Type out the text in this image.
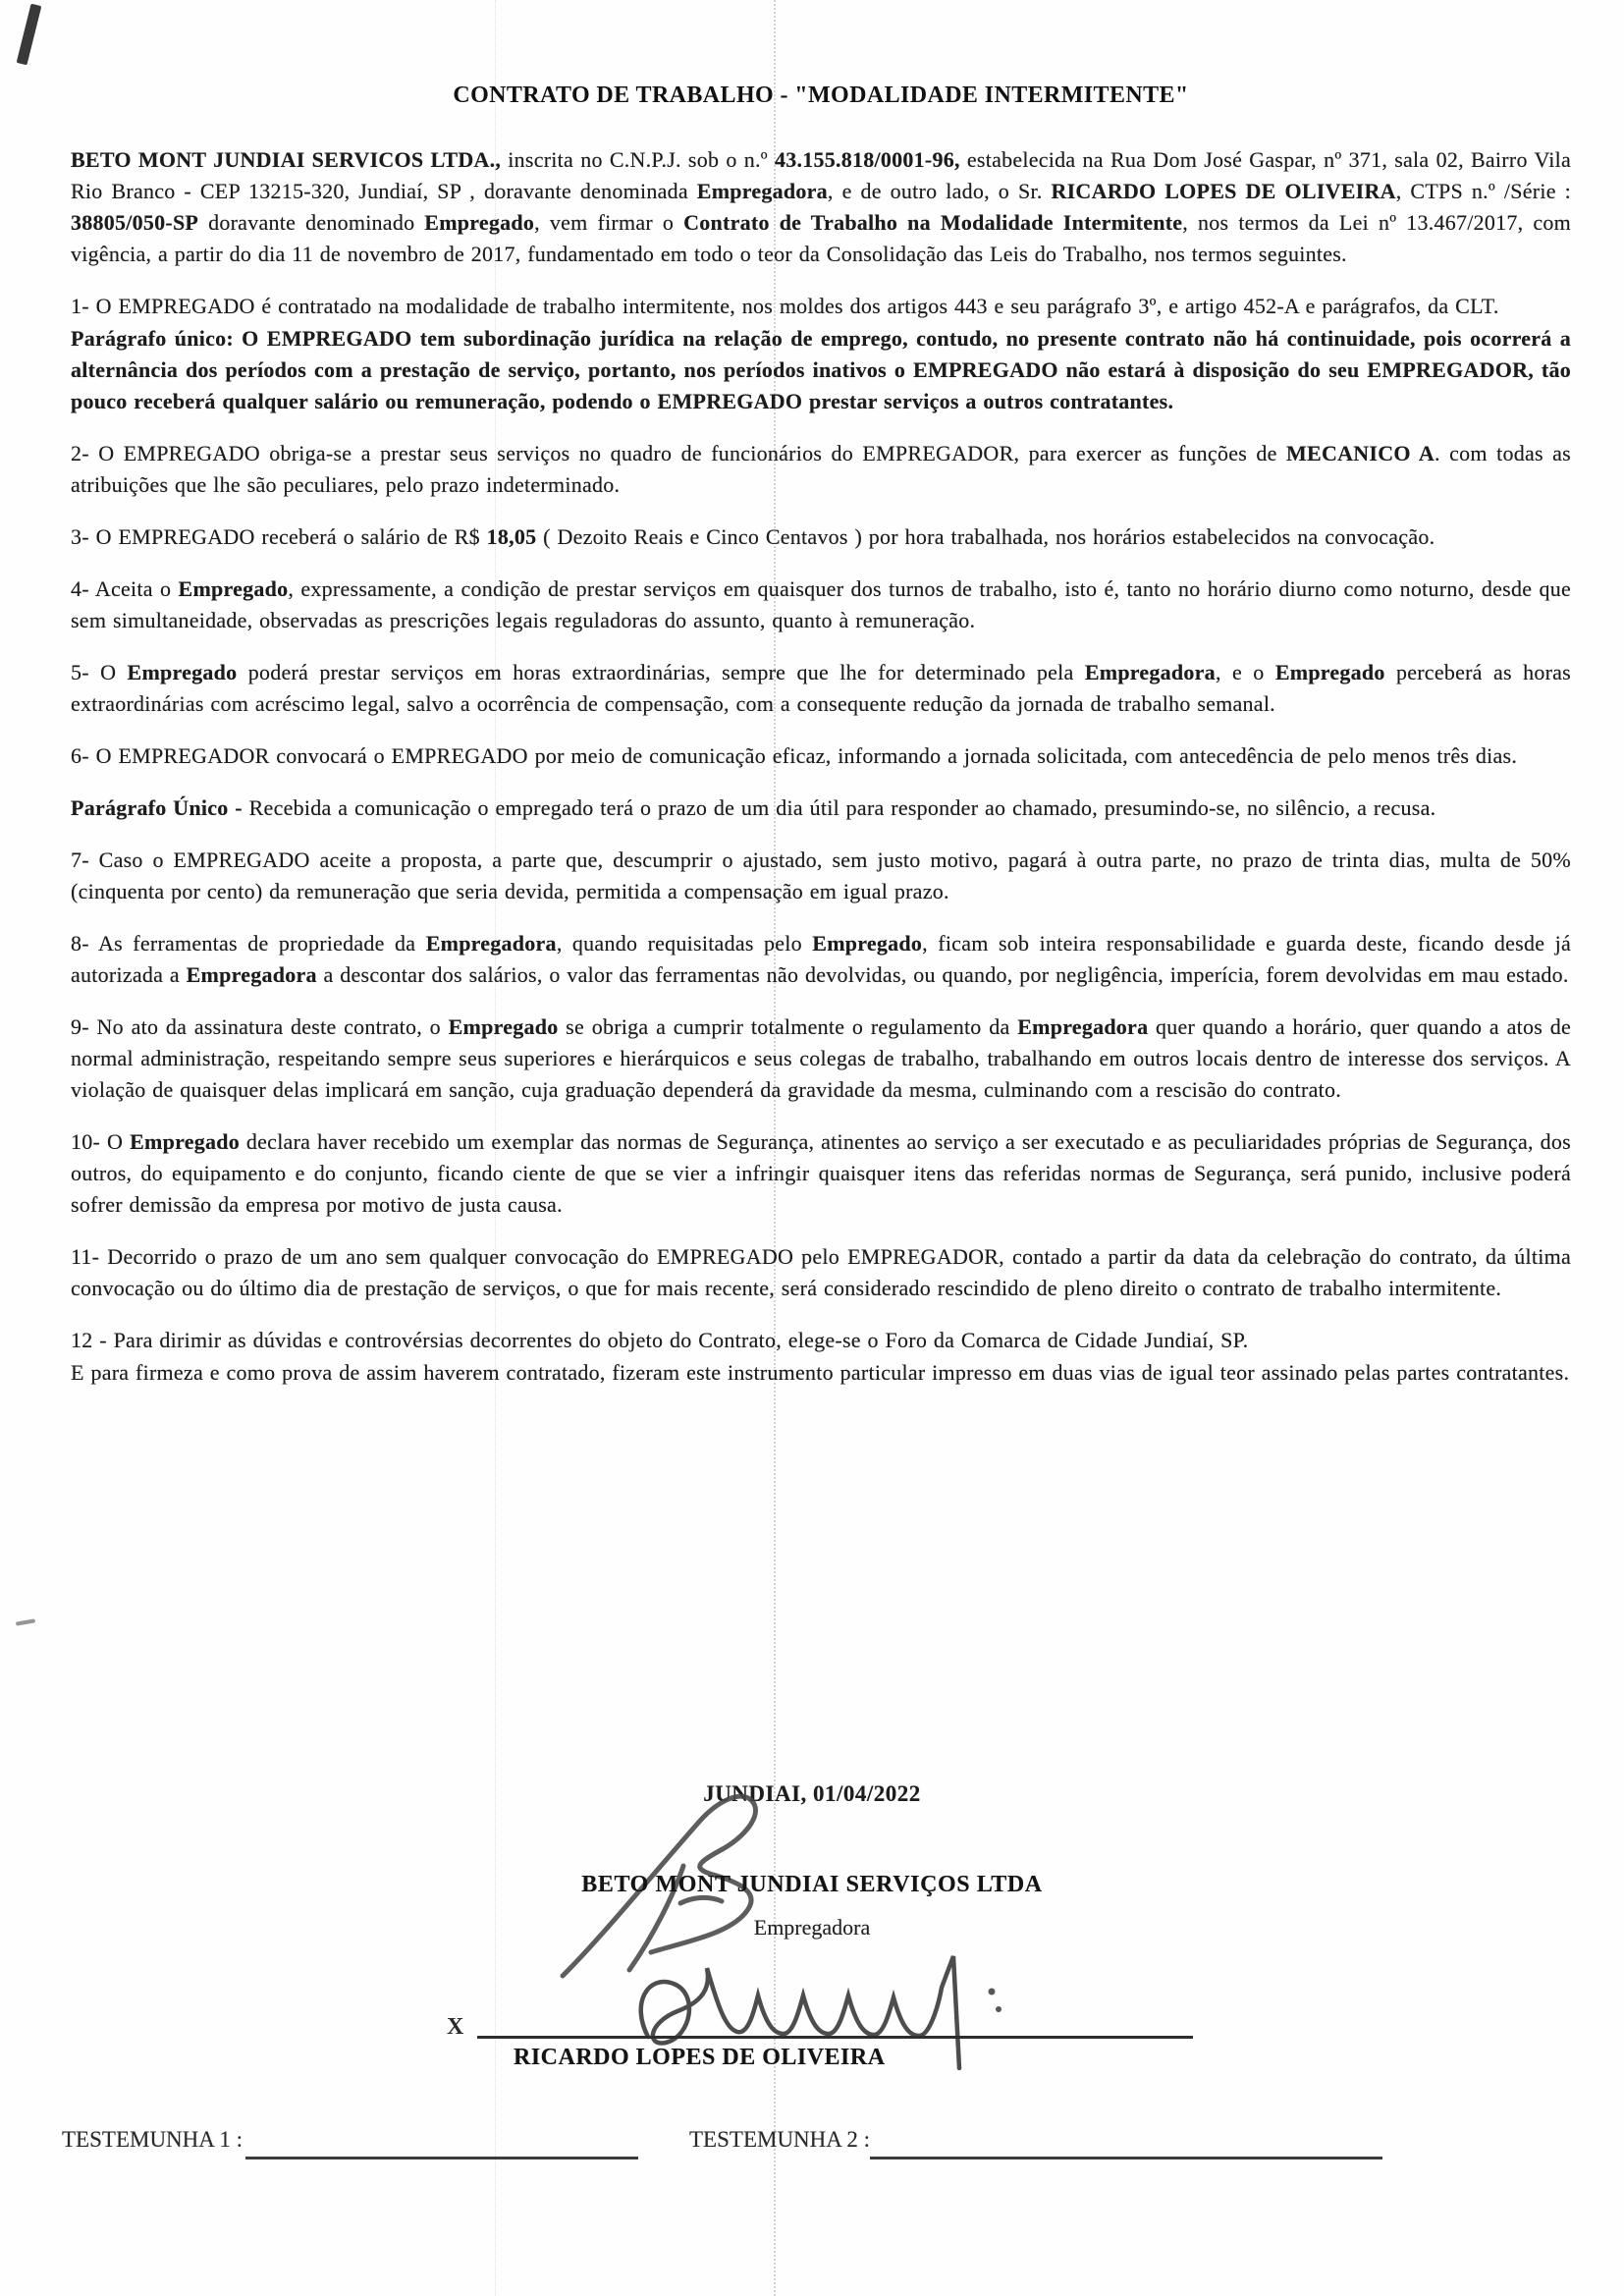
CONTRATO DE TRABALHO - "MODALIDADE INTERMITENTE"

BETO MONT JUNDIAI SERVICOS LTDA., inscrita no C.N.P.J. sob o n.º 43.155.818/0001-96, estabelecida na Rua Dom José Gaspar, nº 371, sala 02, Bairro Vila Rio Branco - CEP 13215-320, Jundiaí, SP , doravante denominada Empregadora, e de outro lado, o Sr. RICARDO LOPES DE OLIVEIRA, CTPS n.º /Série : 38805/050-SP doravante denominado Empregado, vem firmar o Contrato de Trabalho na Modalidade Intermitente, nos termos da Lei nº 13.467/2017, com vigência, a partir do dia 11 de novembro de 2017, fundamentado em todo o teor da Consolidação das Leis do Trabalho, nos termos seguintes.

1- O EMPREGADO é contratado na modalidade de trabalho intermitente, nos moldes dos artigos 443 e seu parágrafo 3º, e artigo 452-A e parágrafos, da CLT.

Parágrafo único: O EMPREGADO tem subordinação jurídica na relação de emprego, contudo, no presente contrato não há continuidade, pois ocorrerá a alternância dos períodos com a prestação de serviço, portanto, nos períodos inativos o EMPREGADO não estará à disposição do seu EMPREGADOR, tão pouco receberá qualquer salário ou remuneração, podendo o EMPREGADO prestar serviços a outros contratantes.

2- O EMPREGADO obriga-se a prestar seus serviços no quadro de funcionários do EMPREGADOR, para exercer as funções de MECANICO A. com todas as atribuições que lhe são peculiares, pelo prazo indeterminado.

3- O EMPREGADO receberá o salário de R$ 18,05 ( Dezoito Reais e Cinco Centavos ) por hora trabalhada, nos horários estabelecidos na convocação.

4- Aceita o Empregado, expressamente, a condição de prestar serviços em quaisquer dos turnos de trabalho, isto é, tanto no horário diurno como noturno, desde que sem simultaneidade, observadas as prescrições legais reguladoras do assunto, quanto à remuneração.

5- O Empregado poderá prestar serviços em horas extraordinárias, sempre que lhe for determinado pela Empregadora, e o Empregado perceberá as horas extraordinárias com acréscimo legal, salvo a ocorrência de compensação, com a consequente redução da jornada de trabalho semanal.

6- O EMPREGADOR convocará o EMPREGADO por meio de comunicação eficaz, informando a jornada solicitada, com antecedência de pelo menos três dias.

Parágrafo Único - Recebida a comunicação o empregado terá o prazo de um dia útil para responder ao chamado, presumindo-se, no silêncio, a recusa.

7- Caso o EMPREGADO aceite a proposta, a parte que, descumprir o ajustado, sem justo motivo, pagará à outra parte, no prazo de trinta dias, multa de 50% (cinquenta por cento) da remuneração que seria devida, permitida a compensação em igual prazo.

8- As ferramentas de propriedade da Empregadora, quando requisitadas pelo Empregado, ficam sob inteira responsabilidade e guarda deste, ficando desde já autorizada a Empregadora a descontar dos salários, o valor das ferramentas não devolvidas, ou quando, por negligência, imperícia, forem devolvidas em mau estado.

9- No ato da assinatura deste contrato, o Empregado se obriga a cumprir totalmente o regulamento da Empregadora quer quando a horário, quer quando a atos de normal administração, respeitando sempre seus superiores e hierárquicos e seus colegas de trabalho, trabalhando em outros locais dentro de interesse dos serviços. A violação de quaisquer delas implicará em sanção, cuja graduação dependerá da gravidade da mesma, culminando com a rescisão do contrato.

10- O Empregado declara haver recebido um exemplar das normas de Segurança, atinentes ao serviço a ser executado e as peculiaridades próprias de Segurança, dos outros, do equipamento e do conjunto, ficando ciente de que se vier a infringir quaisquer itens das referidas normas de Segurança, será punido, inclusive poderá sofrer demissão da empresa por motivo de justa causa.

11- Decorrido o prazo de um ano sem qualquer convocação do EMPREGADO pelo EMPREGADOR, contado a partir da data da celebração do contrato, da última convocação ou do último dia de prestação de serviços, o que for mais recente, será considerado rescindido de pleno direito o contrato de trabalho intermitente.

12 - Para dirimir as dúvidas e controvérsias decorrentes do objeto do Contrato, elege-se o Foro da Comarca de Cidade Jundiaí, SP.

E para firmeza e como prova de assim haverem contratado, fizeram este instrumento particular impresso em duas vias de igual teor assinado pelas partes contratantes.

JUNDIAI, 01/04/2022
BETO MONT JUNDIAI SERVIÇOS LTDA
Empregadora
X
RICARDO LOPES DE OLIVEIRA
TESTEMUNHA 1 :	TESTEMUNHA 2 :
